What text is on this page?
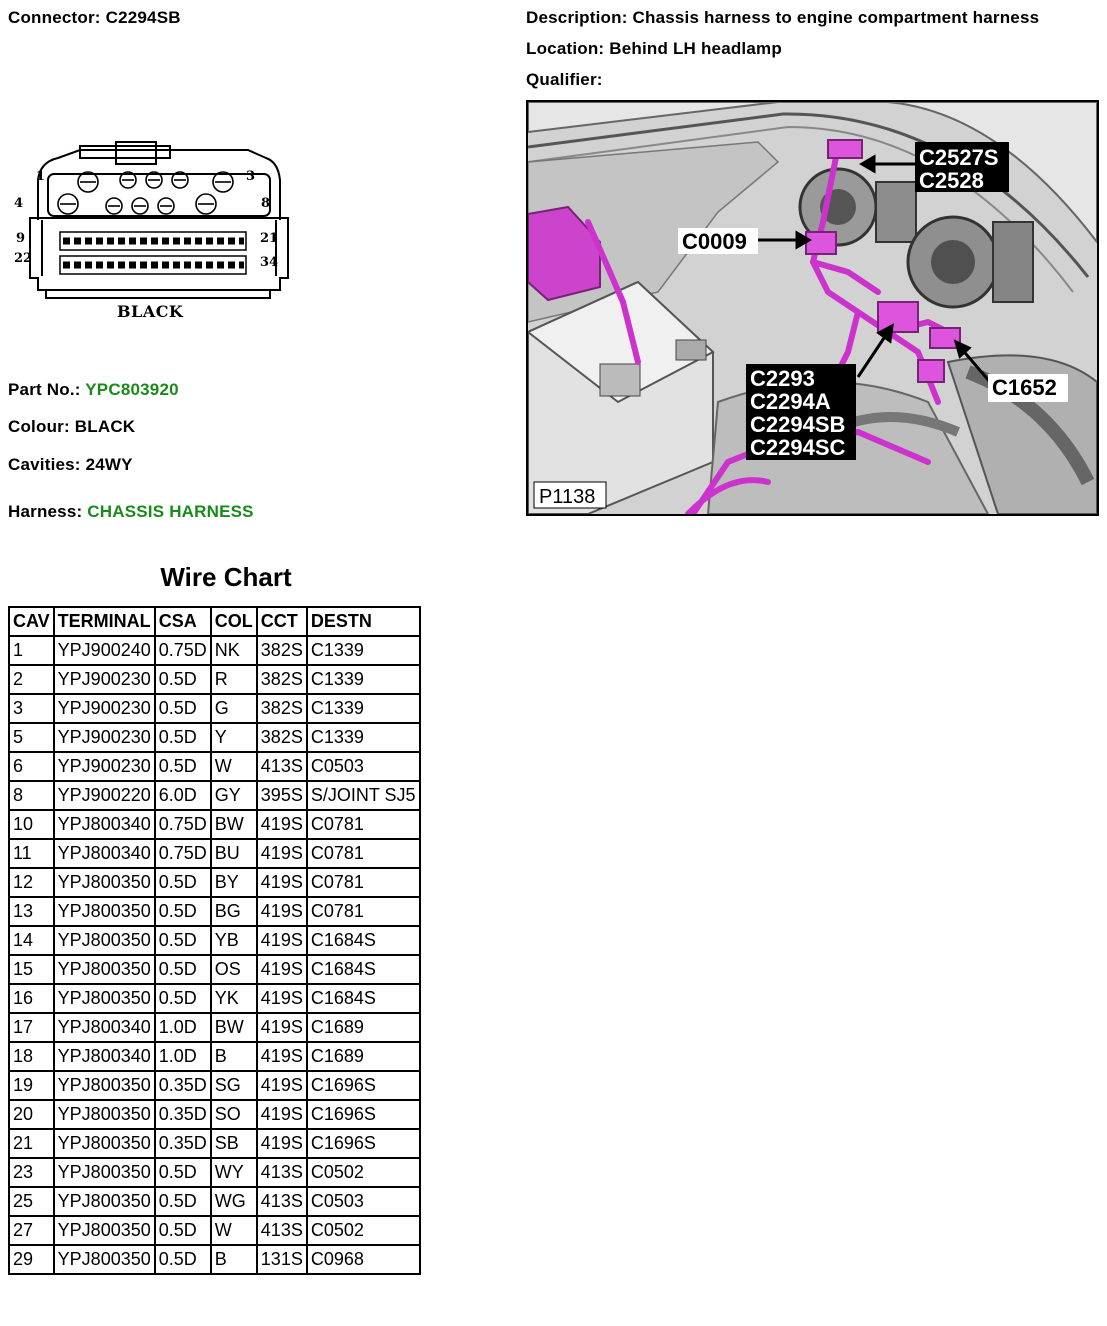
Connector: C2294SB
1	3
4	8
9	21
22	34
BLACK
Part No.: YPC803920
Colour: BLACK
Cavities: 24WY
Harness: CHASSIS HARNESS
Description: Chassis harness to engine compartment harness
Location: Behind LH headlamp
Qualifier:
C2527S
C2528
C0009
C1652
C2293
C2294A
C2294SB
C2294SC
P1138
Wire Chart
CAV	TERMINAL	CSA	COL	CCT	DESTN
1	YPJ900240	0.75D	NK	382S	C1339
2	YPJ900230	0.5D	R	382S	C1339
3	YPJ900230	0.5D	G	382S	C1339
5	YPJ900230	0.5D	Y	382S	C1339
6	YPJ900230	0.5D	W	413S	C0503
8	YPJ900220	6.0D	GY	395S	S/JOINT SJ5
10	YPJ800340	0.75D	BW	419S	C0781
11	YPJ800340	0.75D	BU	419S	C0781
12	YPJ800350	0.5D	BY	419S	C0781
13	YPJ800350	0.5D	BG	419S	C0781
14	YPJ800350	0.5D	YB	419S	C1684S
15	YPJ800350	0.5D	OS	419S	C1684S
16	YPJ800350	0.5D	YK	419S	C1684S
17	YPJ800340	1.0D	BW	419S	C1689
18	YPJ800340	1.0D	B	419S	C1689
19	YPJ800350	0.35D	SG	419S	C1696S
20	YPJ800350	0.35D	SO	419S	C1696S
21	YPJ800350	0.35D	SB	419S	C1696S
23	YPJ800350	0.5D	WY	413S	C0502
25	YPJ800350	0.5D	WG	413S	C0503
27	YPJ800350	0.5D	W	413S	C0502
29	YPJ800350	0.5D	B	131S	C0968
